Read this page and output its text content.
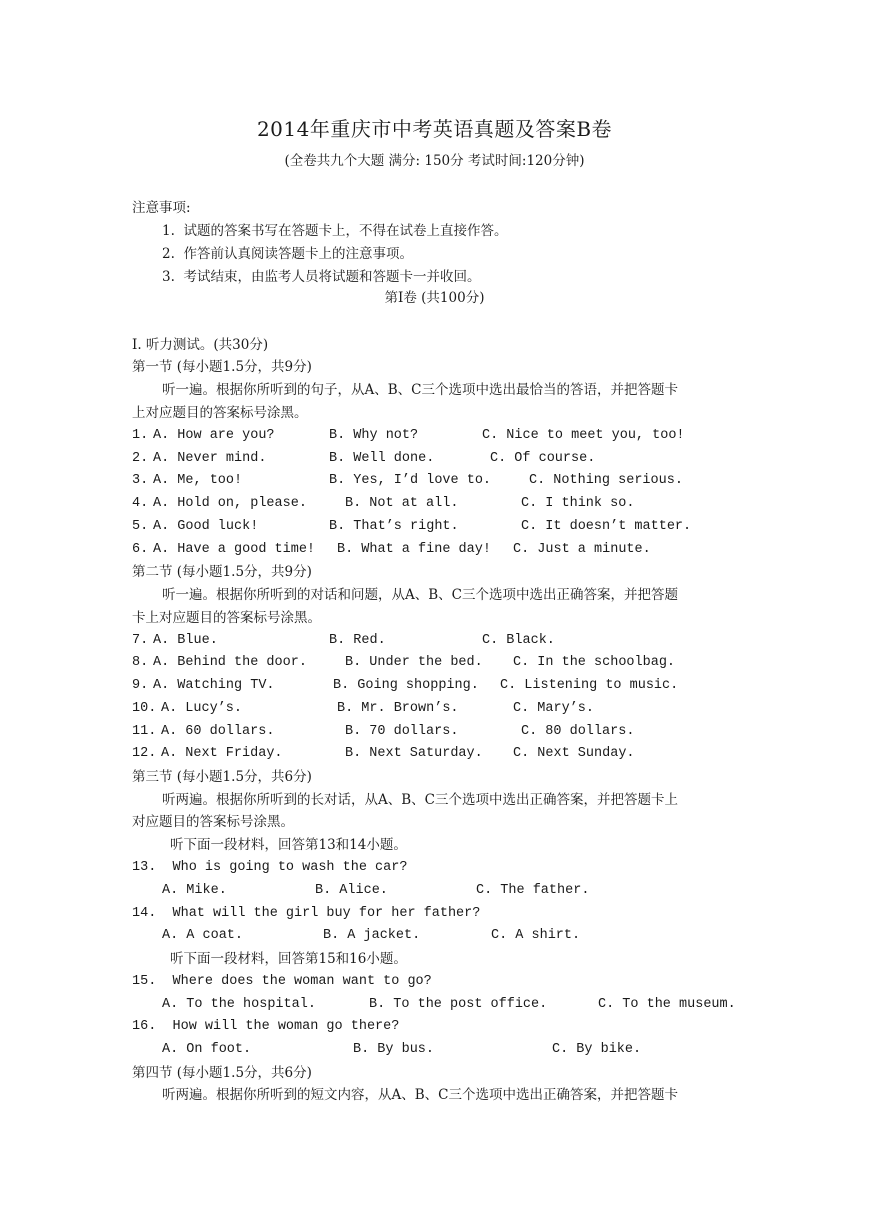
2014年重庆市中考英语真题及答案B卷
(全卷共九个大题 满分: 150分 考试时间:120分钟)
注意事项:
1.  试题的答案书写在答题卡上，不得在试卷上直接作答。
2.  作答前认真阅读答题卡上的注意事项。
3.  考试结束，由监考人员将试题和答题卡一并收回。
第I卷 (共100分)
I. 听力测试。(共30分)
第一节 (每小题1.5分，共9分)
听一遍。根据你所听到的句子，从A、B、C三个选项中选出最恰当的答语，并把答题卡
上对应题目的答案标号涂黑。
1.
A. How are you?	B. Why not?	C. Nice to meet you, too!
2.
A. Never mind.	B. Well done.	C. Of course.
3.
A. Me, too!	B. Yes, I’d love to.	C. Nothing serious.
4.
A. Hold on, please.	B. Not at all.	C. I think so.
5.
A. Good luck!	B. That’s right.	C. It doesn’t matter.
6.
A. Have a good time! B. What a fine day! C. Just a minute.
第二节 (每小题1.5分，共9分)
听一遍。根据你所听到的对话和问题，从A、B、C三个选项中选出正确答案，并把答题
卡上对应题目的答案标号涂黑。
7.
A. Blue.	B. Red.	C. Black.
8.
A. Behind the door.	B. Under the bed. C. In the schoolbag.
9.
A. Watching TV.	B. Going shopping. C. Listening to music.
10. A. Lucy’s.	B. Mr. Brown’s.	C. Mary’s.
11. A. 60 dollars.	B. 70 dollars.	C. 80 dollars.
12. A. Next Friday.	B. Next Saturday. C. Next Sunday.
第三节 (每小题1.5分，共6分)
听两遍。根据你所听到的长对话，从A、B、C三个选项中选出正确答案，并把答题卡上
对应题目的答案标号涂黑。
听下面一段材料，回答第13和14小题。
13.  Who is going to wash the car?
A. Mike.	B. Alice.	C. The father.
14.  What will the girl buy for her father?
A. A coat.	B. A jacket.	C. A shirt.
听下面一段材料，回答第15和16小题。
15.  Where does the woman want to go?
A. To the hospital.	B. To the post office.	C. To the museum.
16.  How will the woman go there?
A. On foot.	B. By bus.	C. By bike.
第四节 (每小题1.5分，共6分)
听两遍。根据你所听到的短文内容，从A、B、C三个选项中选出正确答案，并把答题卡
